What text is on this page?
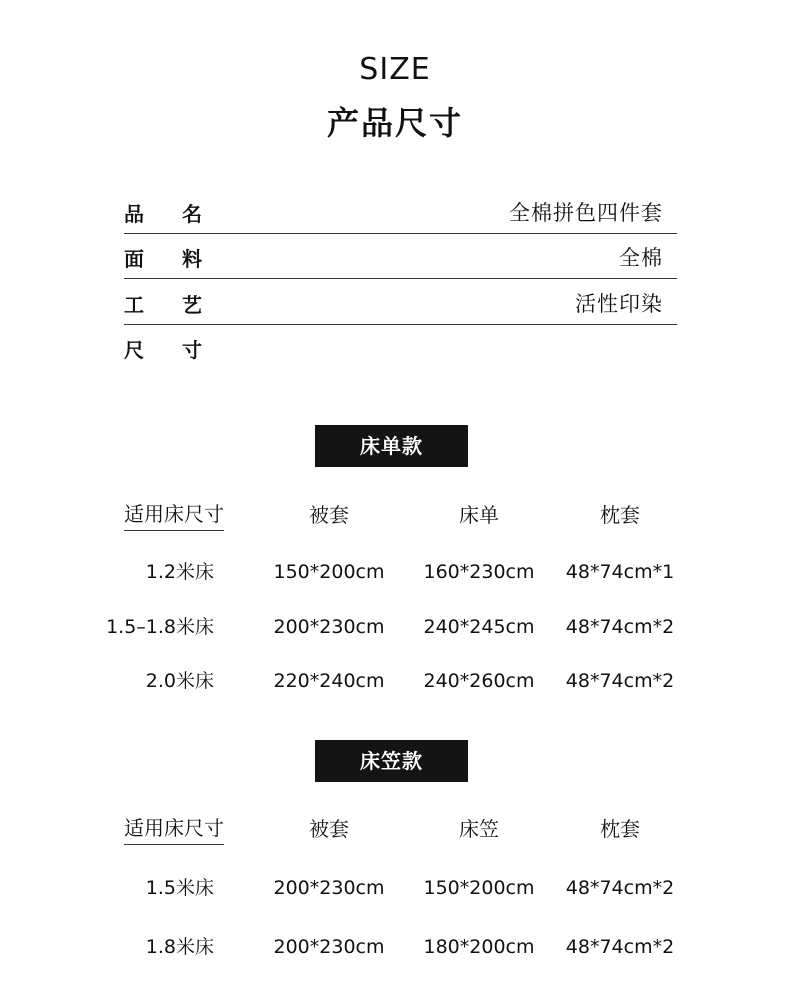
SIZE
产品尺寸
品名	全棉拼色四件套
面料	全棉
工艺	活性印染
尺寸
床单款
适用床尺寸	被套	床单	枕套
1.2米床	150*200cm	160*230cm	48*74cm*1
1.5–1.8米床	200*230cm	240*245cm	48*74cm*2
2.0米床	220*240cm	240*260cm	48*74cm*2
床笠款
适用床尺寸	被套	床笠	枕套
1.5米床	200*230cm	150*200cm	48*74cm*2
1.8米床	200*230cm	180*200cm	48*74cm*2
